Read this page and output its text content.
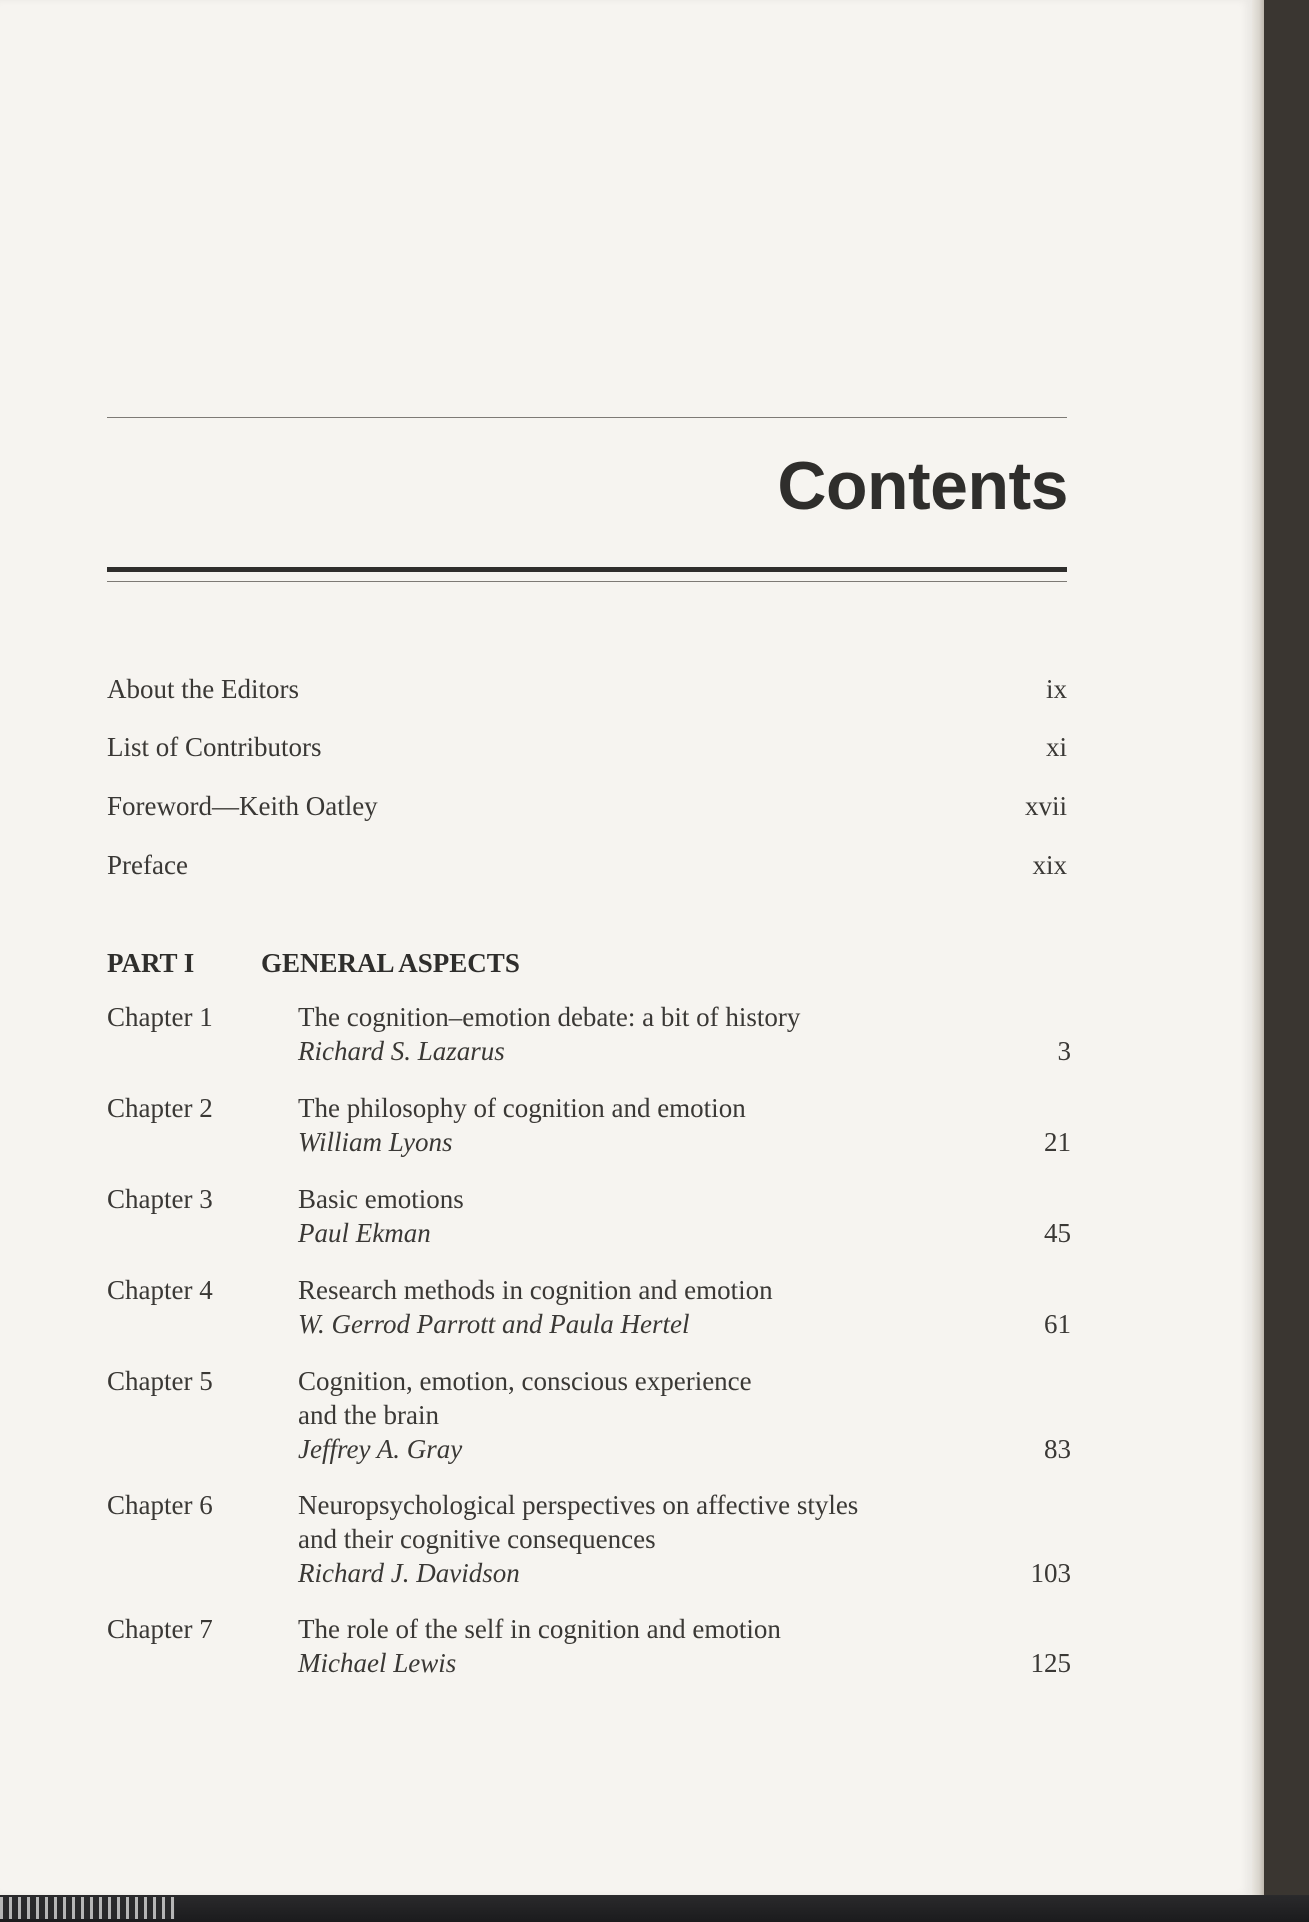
Contents
About the Editors	ix
List of Contributors	xi
Foreword—Keith Oatley	xvii
Preface	xix
PART I GENERAL ASPECTS
Chapter 1	The cognition–emotion debate: a bit of history
Richard S. Lazarus	3
Chapter 2	The philosophy of cognition and emotion
William Lyons	21
Chapter 3	Basic emotions
Paul Ekman	45
Chapter 4	Research methods in cognition and emotion
W. Gerrod Parrott and Paula Hertel	61
Chapter 5	Cognition, emotion, conscious experience
and the brain
Jeffrey A. Gray	83
Chapter 6	Neuropsychological perspectives on affective styles
and their cognitive consequences
Richard J. Davidson	103
Chapter 7	The role of the self in cognition and emotion
Michael Lewis	125
